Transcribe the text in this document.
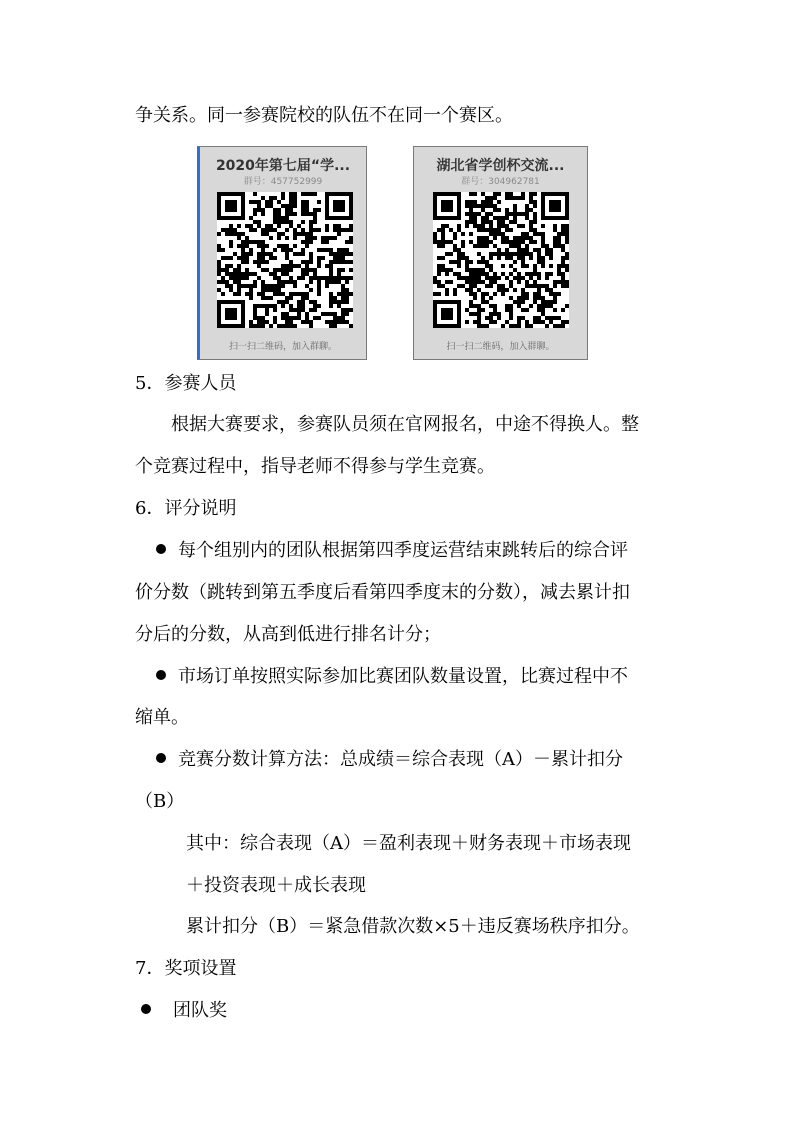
争关系。同一参赛院校的队伍不在同一个赛区。
2020年第七届“学...
群号：457752999
扫一扫二维码，加入群聊。
湖北省学创杯交流...
群号：304962781
扫一扫二维码，加入群聊。
5．参赛人员
根据大赛要求，参赛队员须在官网报名，中途不得换人。整
个竞赛过程中，指导老师不得参与学生竞赛。
6．评分说明
每个组别内的团队根据第四季度运营结束跳转后的综合评
价分数（跳转到第五季度后看第四季度末的分数），减去累计扣
分后的分数，从高到低进行排名计分；
市场订单按照实际参加比赛团队数量设置，比赛过程中不
缩单。
竞赛分数计算方法：总成绩＝综合表现（A）－累计扣分
（B）
其中：综合表现（A）＝盈利表现＋财务表现＋市场表现
＋投资表现＋成长表现
累计扣分（B）＝紧急借款次数×5＋违反赛场秩序扣分。
7．奖项设置
团队奖
